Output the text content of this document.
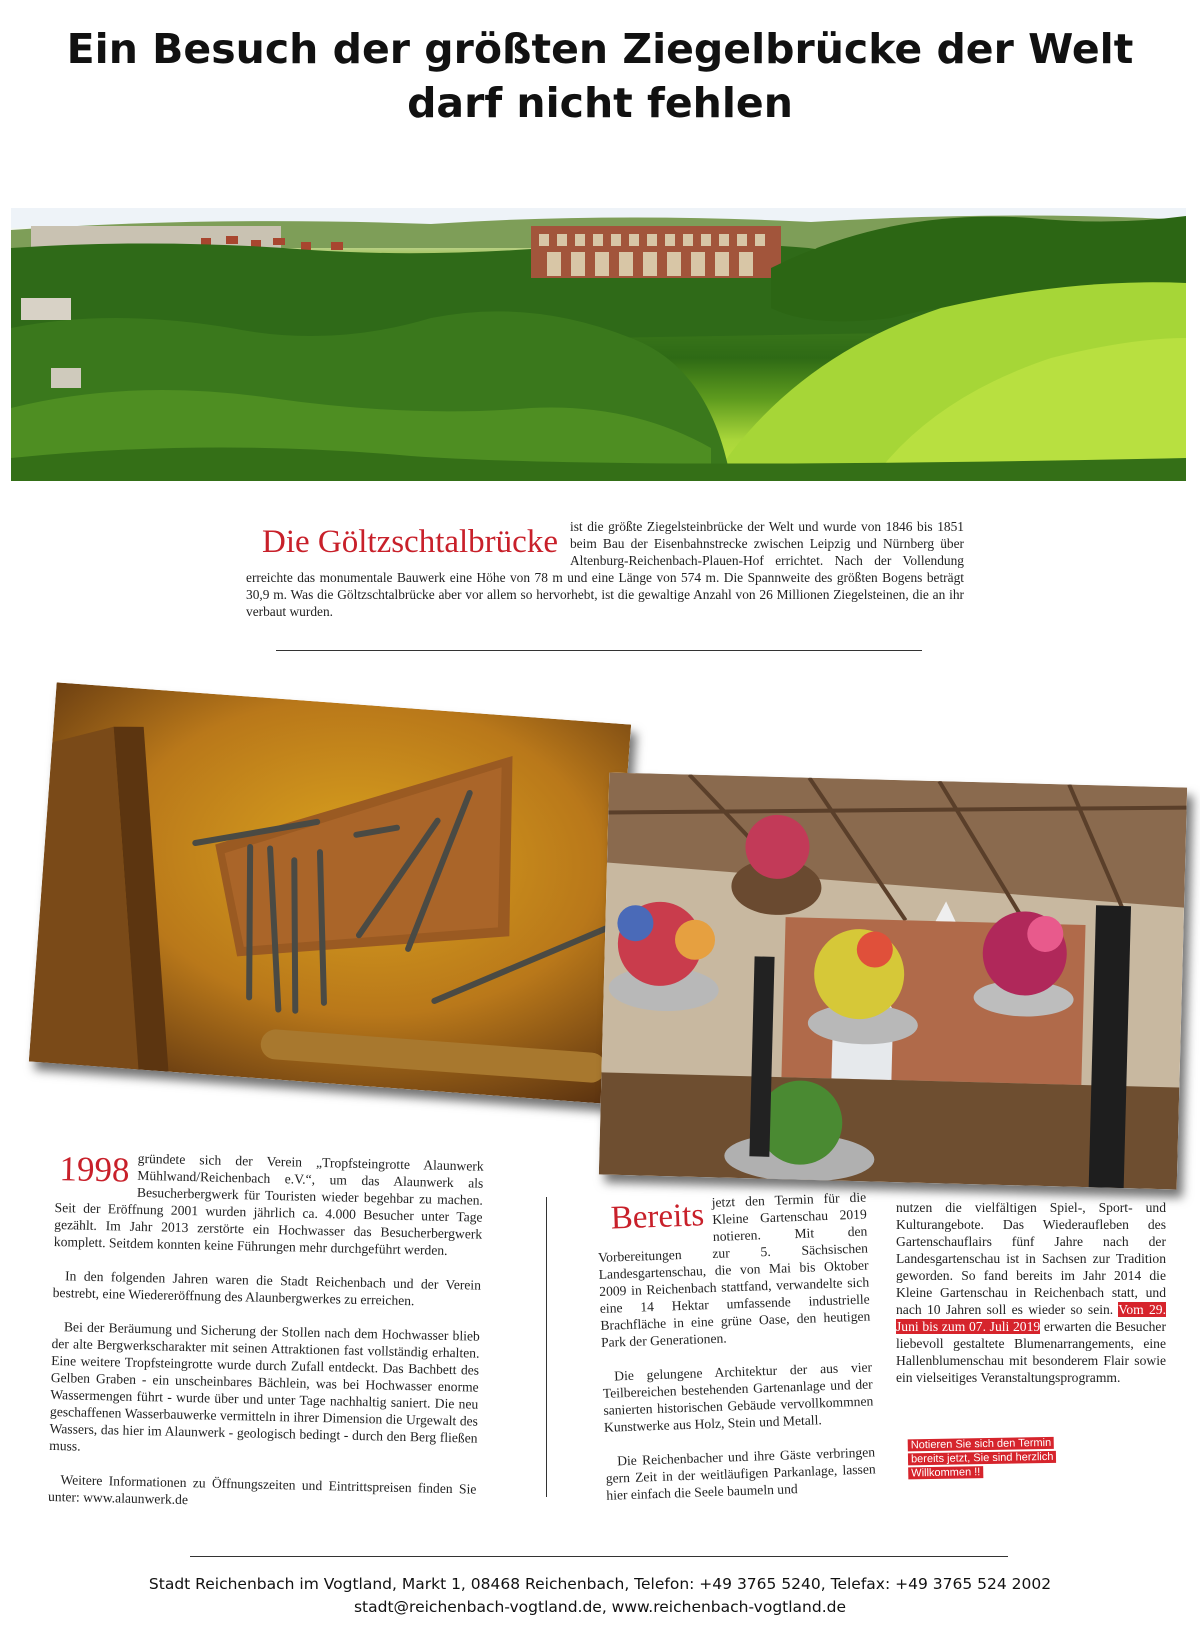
Ein Besuch der größten Ziegelbrücke der Welt
darf nicht fehlen
Die Göltzschtalbrücke ist die größte Ziegelsteinbrücke der Welt und wurde von 1846 bis 1851 beim Bau der Eisenbahnstrecke zwischen Leipzig und Nürnberg über Altenburg-Reichenbach-Plauen-Hof errichtet. Nach der Vollendung erreichte das monumentale Bauwerk eine Höhe von 78 m und eine Länge von 574 m. Die Spannweite des größten Bogens beträgt 30,9 m. Was die Göltzschtalbrücke aber vor allem so hervorhebt, ist die gewaltige Anzahl von 26 Millionen Ziegelsteinen, die an ihr verbaut wurden.

1998 gründete sich der Verein „Tropfsteingrotte Alaunwerk Mühlwand/Reichenbach e.V.“, um das Alaunwerk als Besucherbergwerk für Touristen wieder begehbar zu machen. Seit der Eröffnung 2001 wurden jährlich ca. 4.000 Besucher unter Tage gezählt. Im Jahr 2013 zerstörte ein Hochwasser das Besucherbergwerk komplett. Seitdem konnten keine Führungen mehr durchgeführt werden.

In den folgenden Jahren waren die Stadt Reichenbach und der Verein bestrebt, eine Wiedereröffnung des Alaunbergwerkes zu erreichen.

Bei der Beräumung und Sicherung der Stollen nach dem Hochwasser blieb der alte Bergwerkscharakter mit seinen Attraktionen fast vollständig erhalten. Eine weitere Tropfsteingrotte wurde durch Zufall entdeckt. Das Bachbett des Gelben Graben - ein unscheinbares Bächlein, was bei Hochwasser enorme Wassermengen führt - wurde über und unter Tage nachhaltig saniert. Die neu geschaffenen Wasserbauwerke vermitteln in ihrer Dimension die Urgewalt des Wassers, das hier im Alaunwerk - geologisch bedingt - durch den Berg fließen muss.

Weitere Informationen zu Öffnungszeiten und Eintrittspreisen finden Sie unter: www.alaunwerk.de

Bereits jetzt den Termin für die Kleine Gartenschau 2019 notieren. Mit den Vorbereitungen zur 5. Sächsischen Landesgartenschau, die von Mai bis Oktober 2009 in Reichenbach stattfand, verwandelte sich eine 14 Hektar umfassende industrielle Brachfläche in eine grüne Oase, den heutigen Park der Generationen.

Die gelungene Architektur der aus vier Teilbereichen bestehenden Gartenanlage und der sanierten historischen Gebäude vervollkommnen Kunstwerke aus Holz, Stein und Metall.

Die Reichenbacher und ihre Gäste verbringen gern Zeit in der weitläufigen Parkanlage, lassen hier einfach die Seele baumeln und

nutzen die vielfältigen Spiel-, Sport- und Kulturangebote. Das Wiederaufleben des Gartenschauflairs fünf Jahre nach der Landesgartenschau ist in Sachsen zur Tradition geworden. So fand bereits im Jahr 2014 die Kleine Gartenschau in Reichenbach statt, und nach 10 Jahren soll es wieder so sein. Vom 29. Juni bis zum 07. Juli 2019 erwarten die Besucher liebevoll gestaltete Blumenarrangements, eine Hallenblumenschau mit besonderem Flair sowie ein vielseitiges Veranstaltungsprogramm.

Notieren Sie sich den Termin
bereits jetzt, Sie sind herzlich
Willkommen !!
Stadt Reichenbach im Vogtland, Markt 1, 08468 Reichenbach, Telefon: +49 3765 5240, Telefax: +49 3765 524 2002
stadt@reichenbach-vogtland.de, www.reichenbach-vogtland.de
